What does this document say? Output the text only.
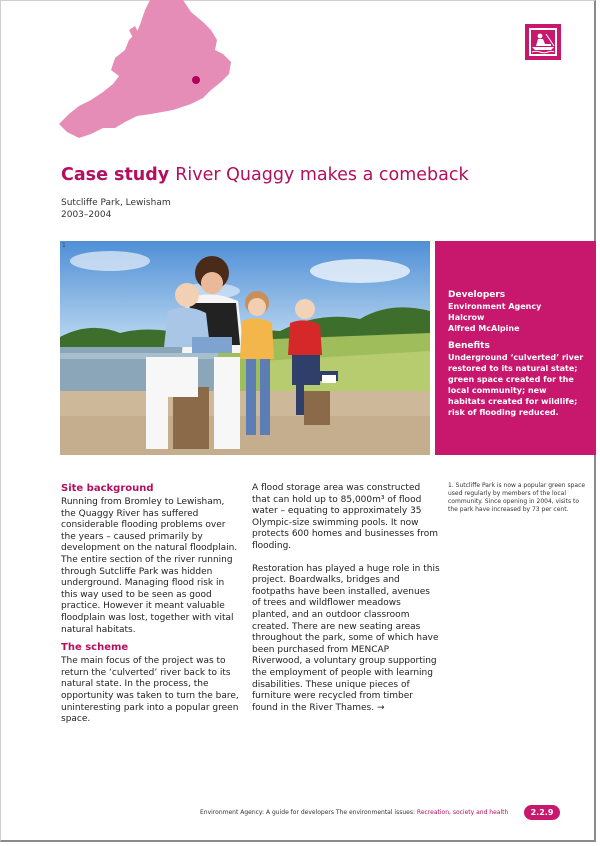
Case study River Quaggy makes a comeback
Sutcliffe Park, Lewisham
2003–2004
1
Developers
Environment Agency
Halcrow
Alfred McAlpine
Benefits
Underground ‘culverted’ river restored to its natural state; green space created for the local community; new habitats created for wildlife; risk of flooding reduced.
1. Sutcliffe Park is now a popular green space used regularly by members of the local community. Since opening in 2004, visits to the park have increased by 73 per cent.
Site background

Running from Bromley to Lewisham, the Quaggy River has suffered considerable flooding problems over the years – caused primarily by development on the natural floodplain. The entire section of the river running through Sutcliffe Park was hidden underground. Managing flood risk in this way used to be seen as good practice. However it meant valuable floodplain was lost, together with vital natural habitats.

The scheme

The main focus of the project was to return the ‘culverted’ river back to its natural state. In the process, the opportunity was taken to turn the bare, uninteresting park into a popular green space.

A flood storage area was constructed that can hold up to 85,000m³ of flood water – equating to approximately 35 Olympic-size swimming pools. It now protects 600 homes and businesses from flooding.

Restoration has played a huge role in this project. Boardwalks, bridges and footpaths have been installed, avenues of trees and wildflower meadows planted, and an outdoor classroom created. There are new seating areas throughout the park, some of which have been purchased from MENCAP Riverwood, a voluntary group supporting the employment of people with learning disabilities. These unique pieces of furniture were recycled from timber found in the River Thames. →

Environment Agency: A guide for developers The environmental issues: Recreation, society and health	2.2.9
